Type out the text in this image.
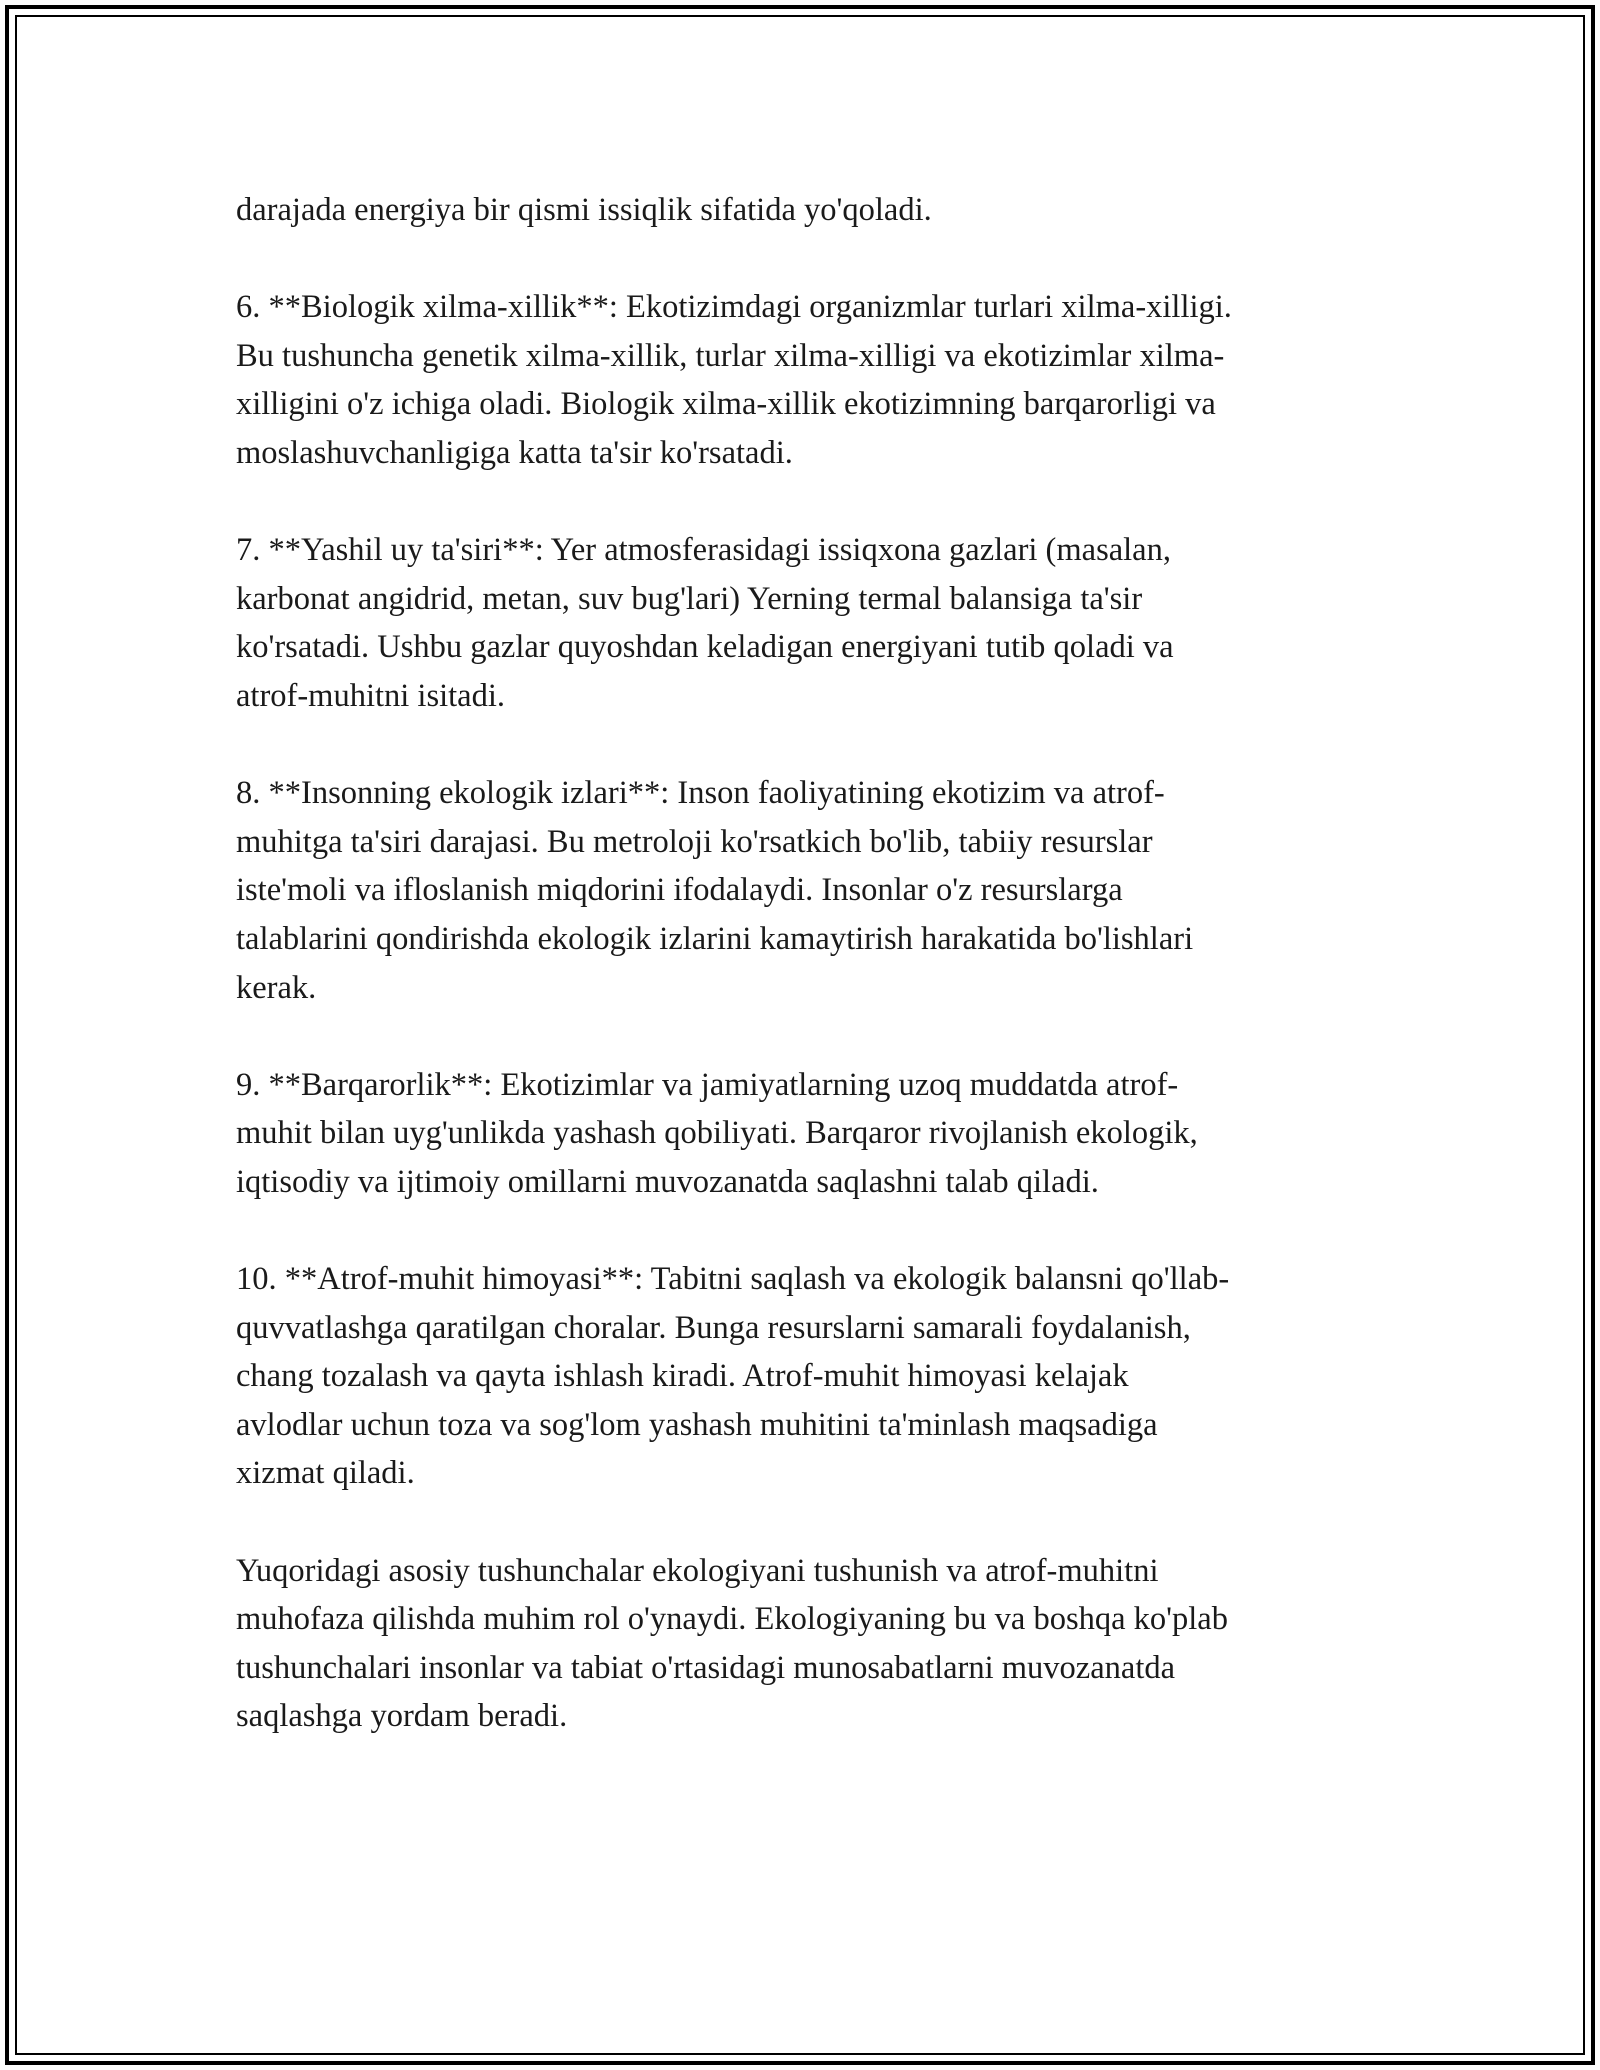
darajada energiya bir qismi issiqlik sifatida yo'qoladi.

6. **Biologik xilma-xillik**: Ekotizimdagi organizmlar turlari xilma-xilligi.
Bu tushuncha genetik xilma-xillik, turlar xilma-xilligi va ekotizimlar xilma-
xilligini o'z ichiga oladi. Biologik xilma-xillik ekotizimning barqarorligi va
moslashuvchanligiga katta ta'sir ko'rsatadi.

7. **Yashil uy ta'siri**: Yer atmosferasidagi issiqxona gazlari (masalan,
karbonat angidrid, metan, suv bug'lari) Yerning termal balansiga ta'sir
ko'rsatadi. Ushbu gazlar quyoshdan keladigan energiyani tutib qoladi va
atrof-muhitni isitadi.

8. **Insonning ekologik izlari**: Inson faoliyatining ekotizim va atrof-
muhitga ta'siri darajasi. Bu metroloji ko'rsatkich bo'lib, tabiiy resurslar
iste'moli va ifloslanish miqdorini ifodalaydi. Insonlar o'z resurslarga
talablarini qondirishda ekologik izlarini kamaytirish harakatida bo'lishlari
kerak.

9. **Barqarorlik**: Ekotizimlar va jamiyatlarning uzoq muddatda atrof-
muhit bilan uyg'unlikda yashash qobiliyati. Barqaror rivojlanish ekologik,
iqtisodiy va ijtimoiy omillarni muvozanatda saqlashni talab qiladi.

10. **Atrof-muhit himoyasi**: Tabitni saqlash va ekologik balansni qo'llab-
quvvatlashga qaratilgan choralar. Bunga resurslarni samarali foydalanish,
chang tozalash va qayta ishlash kiradi. Atrof-muhit himoyasi kelajak
avlodlar uchun toza va sog'lom yashash muhitini ta'minlash maqsadiga
xizmat qiladi.

Yuqoridagi asosiy tushunchalar ekologiyani tushunish va atrof-muhitni
muhofaza qilishda muhim rol o'ynaydi. Ekologiyaning bu va boshqa ko'plab
tushunchalari insonlar va tabiat o'rtasidagi munosabatlarni muvozanatda
saqlashga yordam beradi.
